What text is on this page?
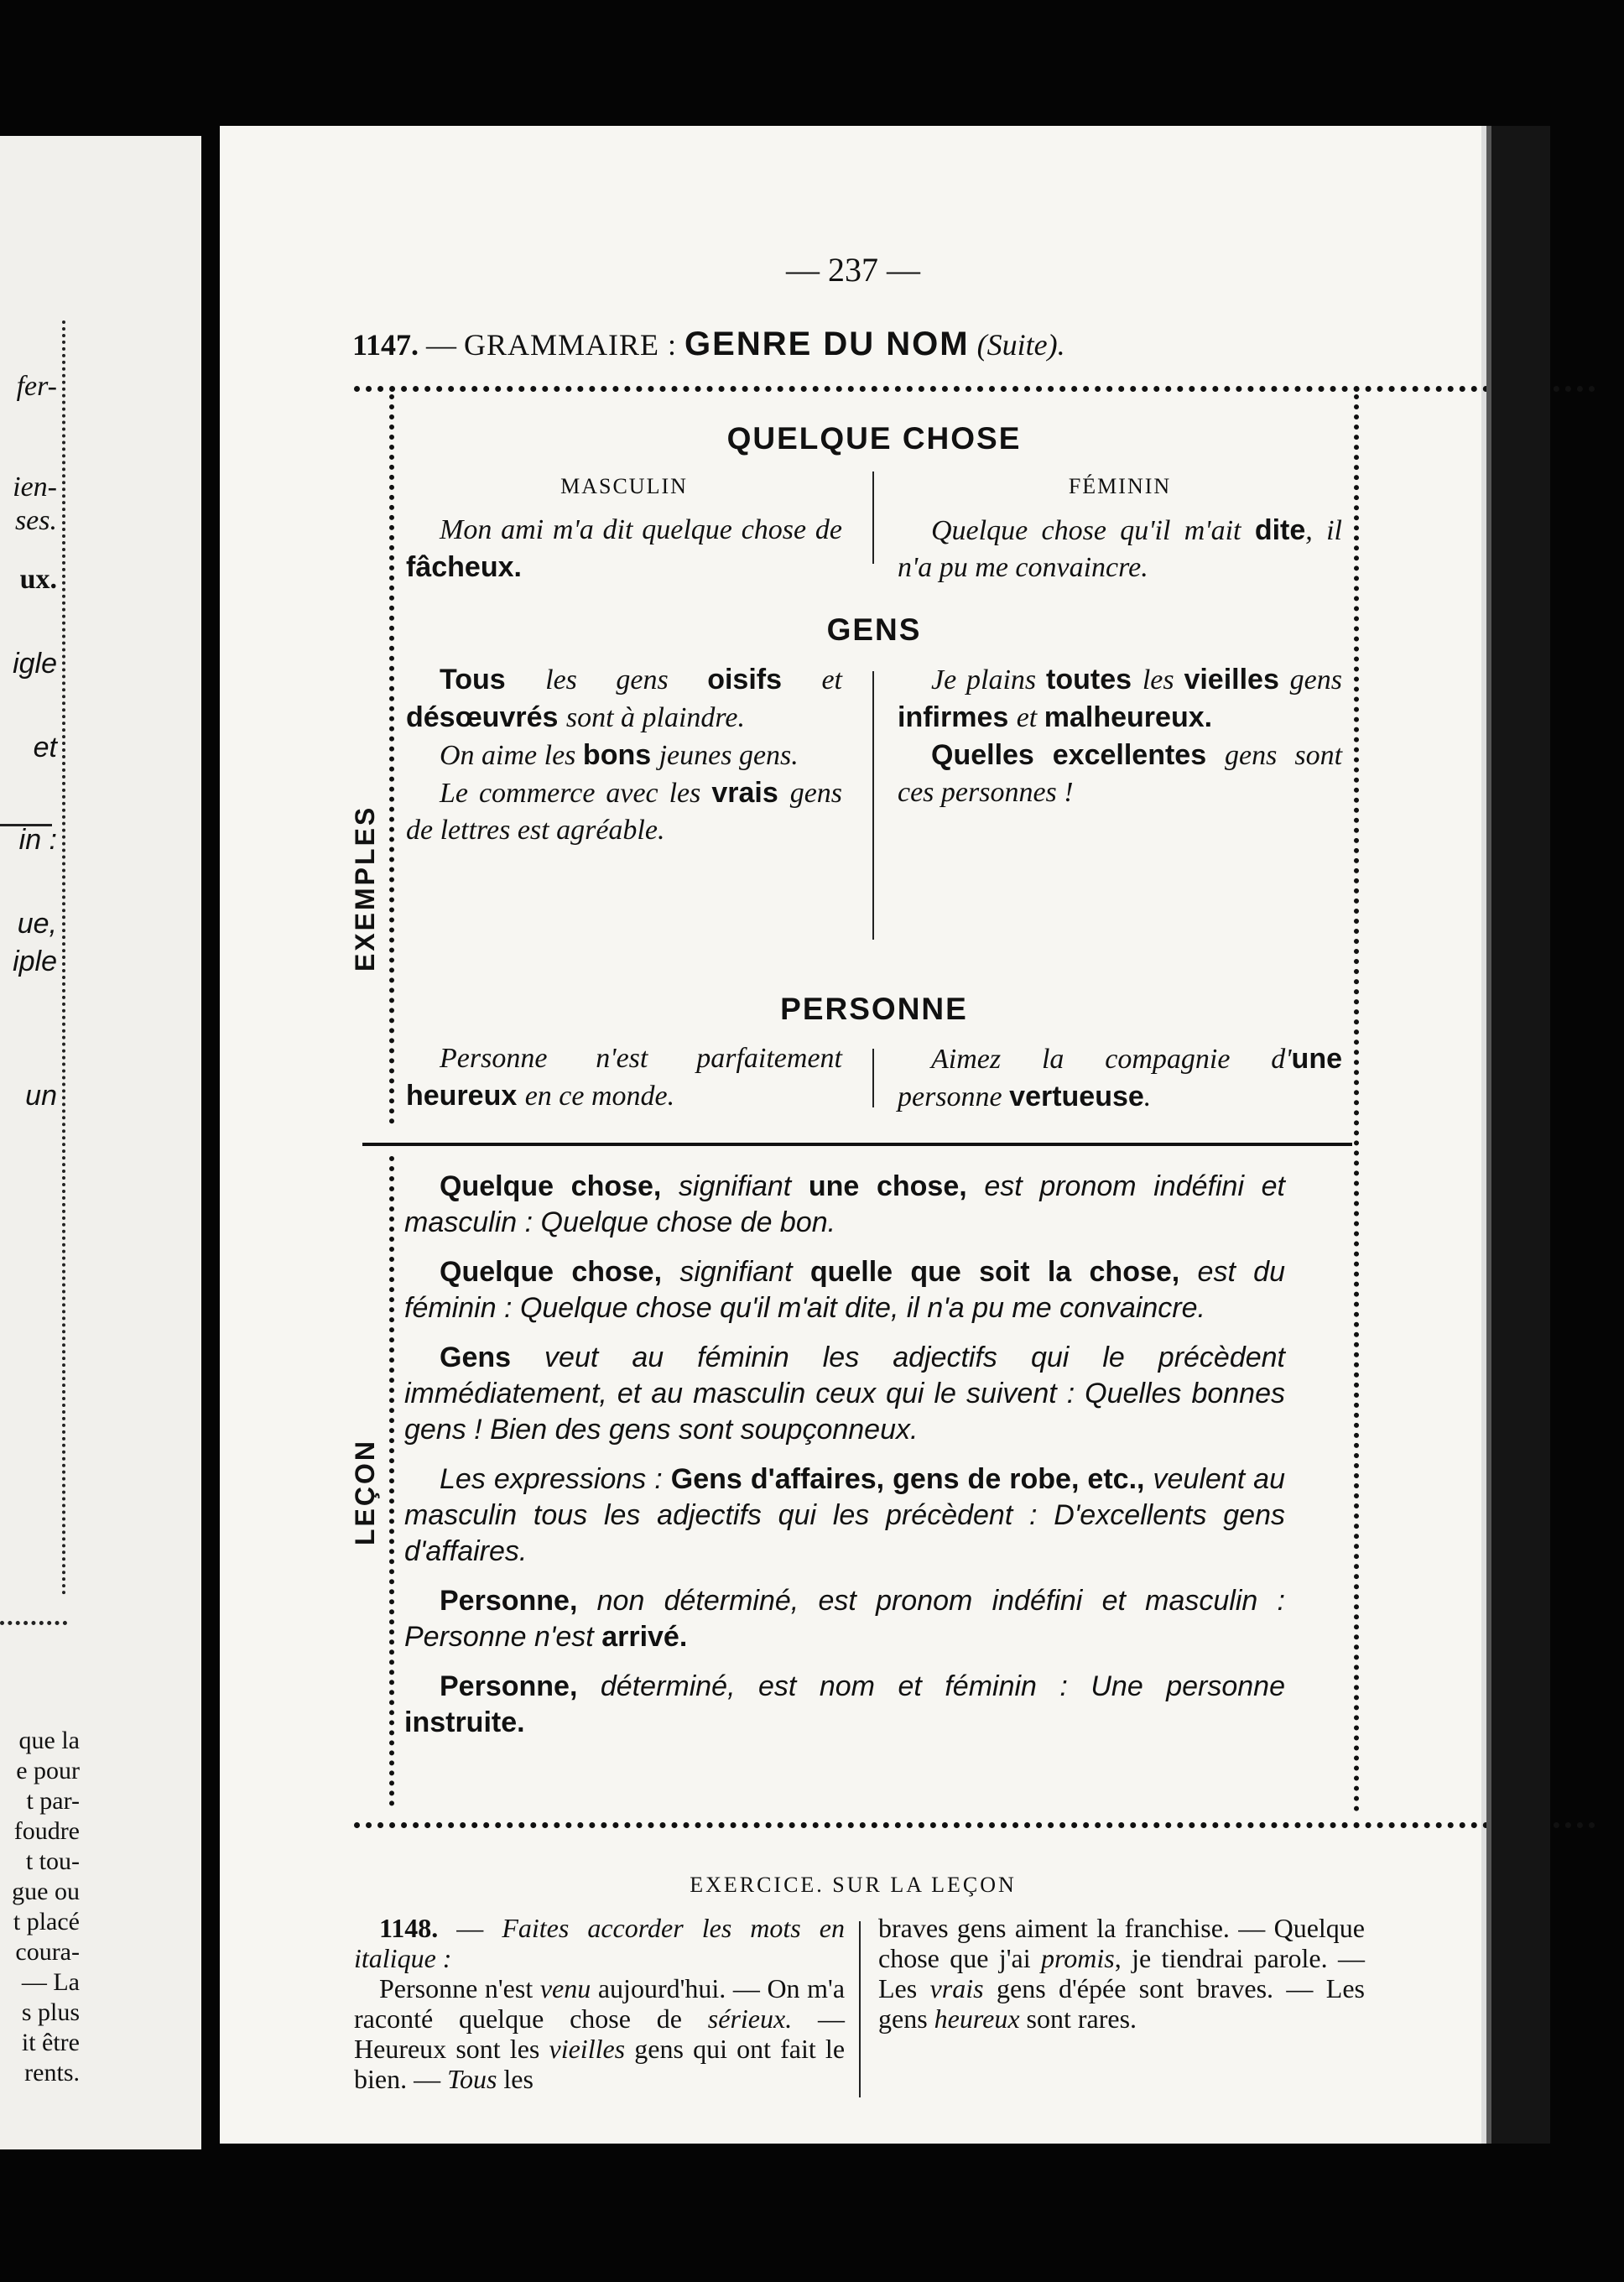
fer-
ien-
ses.
ux.
igle
et
in :
ue,
iple
un
que la
e pour
t par-
foudre
t tou-
gue ou
t placé
coura-
— La
s plus
it être
rents.
— 237 —
1147. — GRAMMAIRE : GENRE DU NOM (Suite).
EXEMPLES
LEÇON
QUELQUE CHOSE
MASCULIN

Mon ami m'a dit quelque chose de fâcheux.

FÉMININ

Quelque chose qu'il m'ait dite, il n'a pu me convaincre.

GENS

Tous les gens oisifs et désœuvrés sont à plaindre.

On aime les bons jeunes gens.

Le commerce avec les vrais gens de lettres est agréable.

Je plains toutes les vieilles gens infirmes et malheureux.

Quelles excellentes gens sont ces personnes !

PERSONNE

Personne n'est parfaitement heureux en ce monde.

Aimez la compagnie d'une personne vertueuse.

Quelque chose, signifiant une chose, est pronom indéfini et masculin : Quelque chose de bon.

Quelque chose, signifiant quelle que soit la chose, est du féminin : Quelque chose qu'il m'ait dite, il n'a pu me convaincre.

Gens veut au féminin les adjectifs qui le précèdent immédiatement, et au masculin ceux qui le suivent : Quelles bonnes gens ! Bien des gens sont soupçonneux.

Les expressions : Gens d'affaires, gens de robe, etc., veulent au masculin tous les adjectifs qui les précèdent : D'excellents gens d'affaires.

Personne, non déterminé, est pronom indéfini et masculin : Personne n'est arrivé.

Personne, déterminé, est nom et féminin : Une personne instruite.

EXERCICE. SUR LA LEÇON

1148. — Faites accorder les mots en italique :

Personne n'est venu aujourd'hui. — On m'a raconté quelque chose de sérieux. — Heureux sont les vieilles gens qui ont fait le bien. — Tous les

braves gens aiment la franchise. — Quelque chose que j'ai promis, je tiendrai parole. — Les vrais gens d'épée sont braves. — Les gens heureux sont rares.
